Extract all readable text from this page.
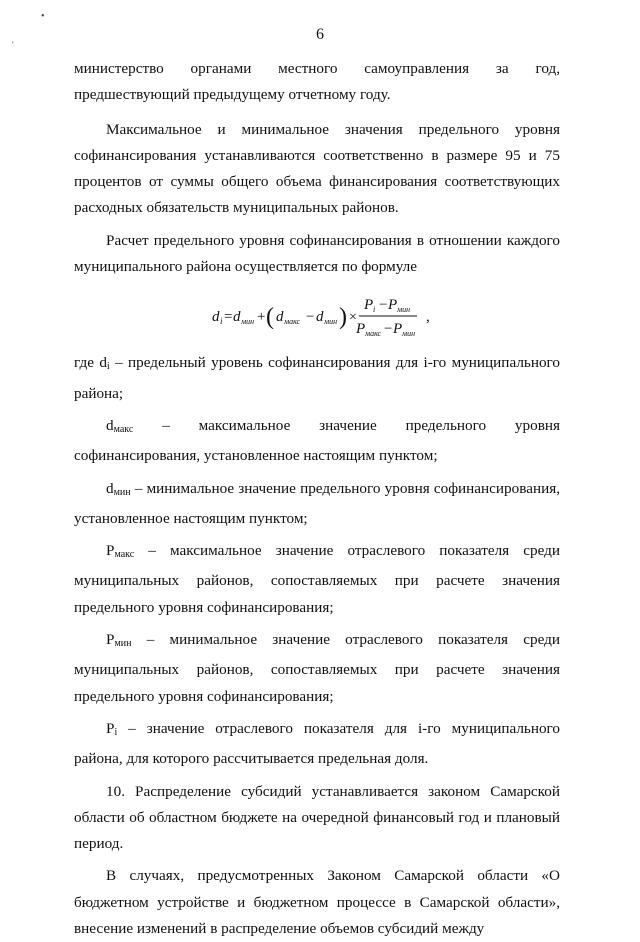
•
'
6

министерство органами местного самоуправления за год,

предшествующий предыдущему отчетному году.

Максимальное и минимальное значения предельного уровня софинансирования устанавливаются соответственно в размере 95 и 75 процентов от суммы общего объема финансирования соответствующих расходных обязательств муниципальных районов.

Расчет предельного уровня софинансирования в отношении каждого муниципального района осуществляется по формуле

d i = d мин + ( d макс − d мин ) ×
P i − P мин
P макс − P мин
,

где $d_i$ – предельный уровень софинансирования для i-го муниципального района;

$d_{макс}$ – максимальное значение предельного уровня софинансирования, установленное настоящим пунктом;

$d_{мин}$ – минимальное значение предельного уровня софинансирования, установленное настоящим пунктом;

$P_{макс}$ – максимальное значение отраслевого показателя среди муниципальных районов, сопоставляемых при расчете значения предельного уровня софинансирования;

$P_{мин}$ – минимальное значение отраслевого показателя среди муниципальных районов, сопоставляемых при расчете значения предельного уровня софинансирования;

$P_i$ – значение отраслевого показателя для i-го муниципального района, для которого рассчитывается предельная доля.

10. Распределение субсидий устанавливается законом Самарской области об областном бюджете на очередной финансовый год и плановый период.

В случаях, предусмотренных Законом Самарской области «О бюджетном устройстве и бюджетном процессе в Самарской области», внесение изменений в распределение объемов субсидий между
